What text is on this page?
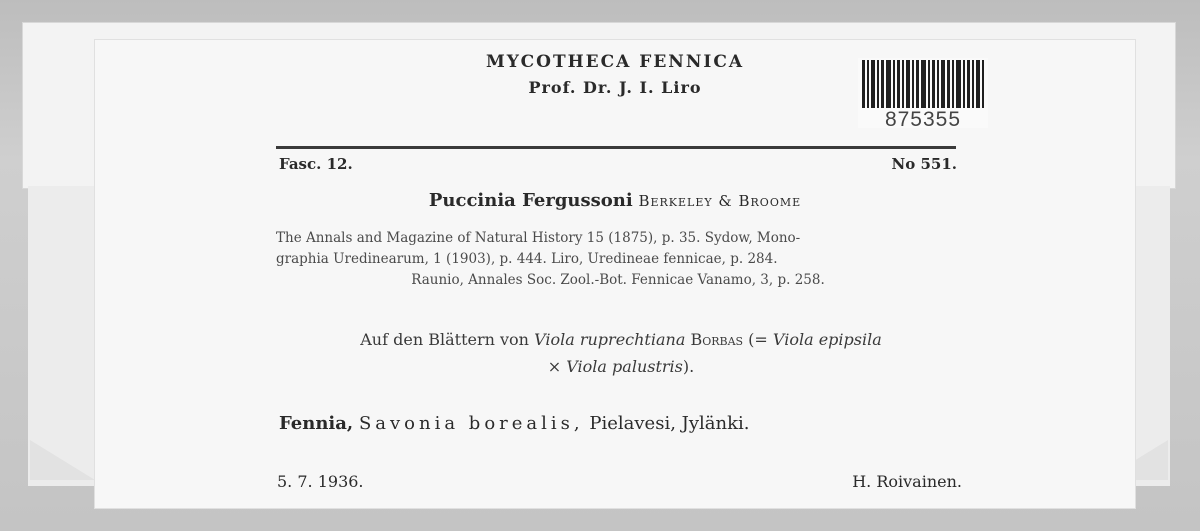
MYCOTHECA FENNICA
Prof. Dr. J. I. Liro
875355
Fasc. 12.	No 551.
Puccinia Fergussoni Berkeley & Broome
The Annals and Magazine of Natural History 15 (1875), p. 35. Sydow, Mono-
graphia Uredinearum, 1 (1903), p. 444. Liro, Uredineae fennicae, p. 284.

Raunio, Annales Soc. Zool.-Bot. Fennicae Vanamo, 3, p. 258.
Auf den Blättern von Viola ruprechtiana Borbas (= Viola epipsila
× Viola palustris).
Fennia, Savonia borealis, Pielavesi, Jylänki.
5. 7. 1936.	H. Roivainen.
